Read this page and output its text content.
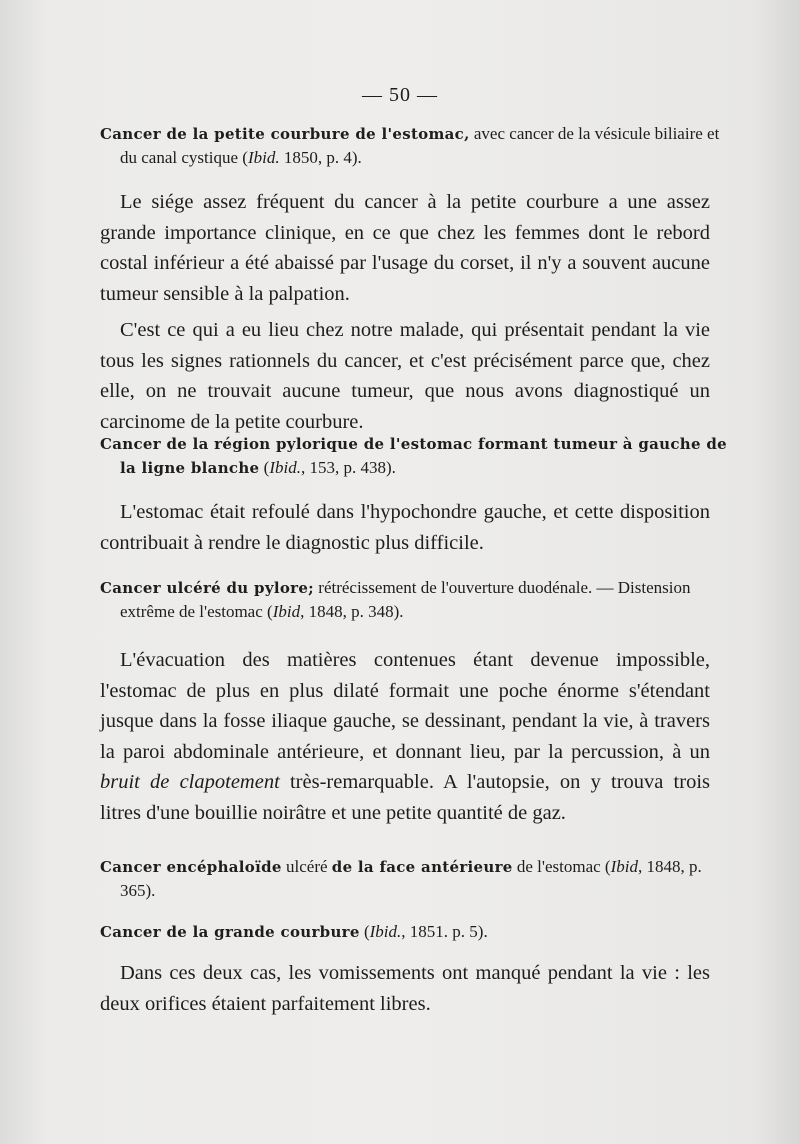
— 50 —
Cancer de la petite courbure de l'estomac, avec cancer de la vésicule biliaire et du canal cystique (Ibid. 1850, p. 4).

Le siége assez fréquent du cancer à la petite courbure a une assez grande importance clinique, en ce que chez les femmes dont le rebord costal inférieur a été abaissé par l'usage du corset, il n'y a souvent aucune tumeur sensible à la palpation.

C'est ce qui a eu lieu chez notre malade, qui présentait pendant la vie tous les signes rationnels du cancer, et c'est précisément parce que, chez elle, on ne trouvait aucune tumeur, que nous avons diagnostiqué un carcinome de la petite courbure.

Cancer de la région pylorique de l'estomac formant tumeur à gauche de la ligne blanche (Ibid., 153, p. 438).

L'estomac était refoulé dans l'hypochondre gauche, et cette disposition contribuait à rendre le diagnostic plus difficile.

Cancer ulcéré du pylore; rétrécissement de l'ouverture duodénale. — Distension extrême de l'estomac (Ibid, 1848, p. 348).

L'évacuation des matières contenues étant devenue impossible, l'estomac de plus en plus dilaté formait une poche énorme s'étendant jusque dans la fosse iliaque gauche, se dessinant, pendant la vie, à travers la paroi abdominale antérieure, et donnant lieu, par la percussion, à un bruit de clapotement très-remarquable. A l'autopsie, on y trouva trois litres d'une bouillie noirâtre et une petite quantité de gaz.

Cancer encéphaloïde ulcéré de la face antérieure de l'estomac (Ibid, 1848, p. 365).
Cancer de la grande courbure (Ibid., 1851. p. 5).

Dans ces deux cas, les vomissements ont manqué pendant la vie : les deux orifices étaient parfaitement libres.
